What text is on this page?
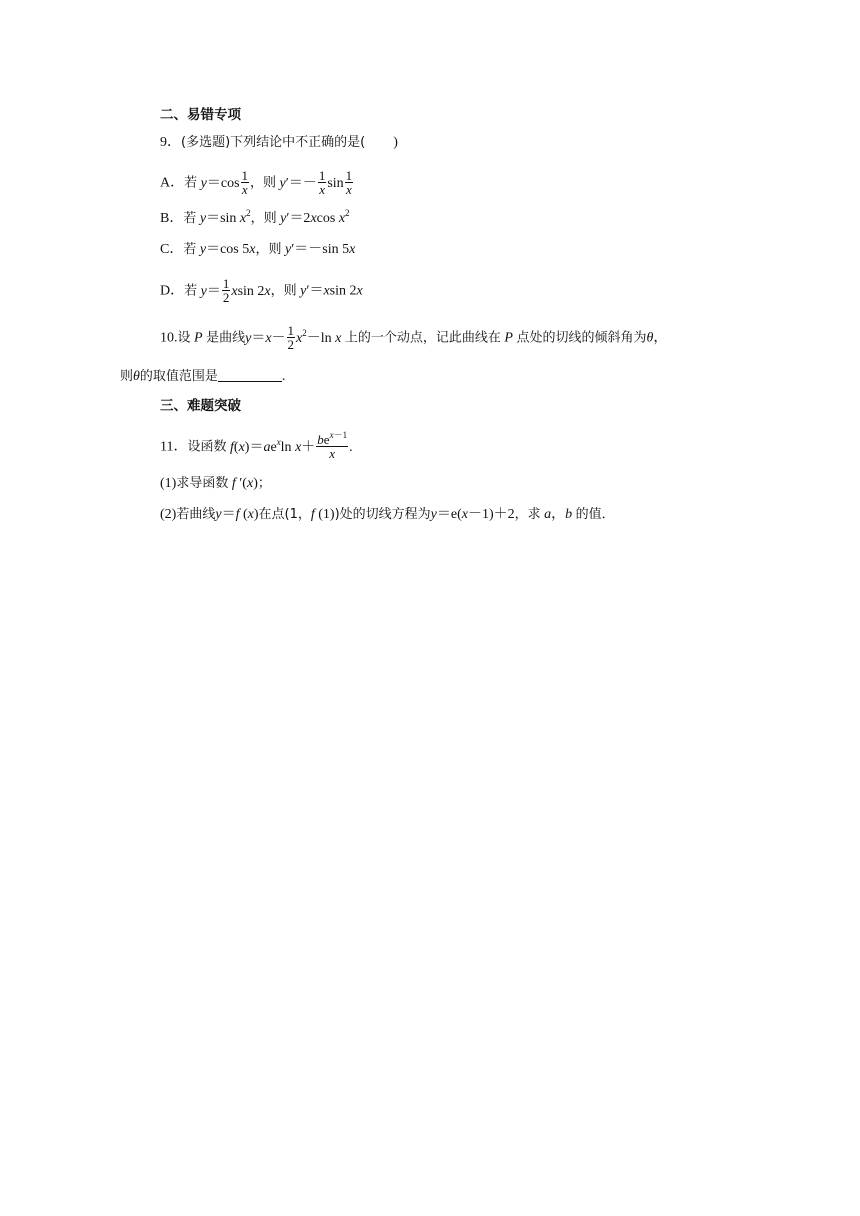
二、易错专项
9．(多选题)下列结论中不正确的是( )
A．若 $y=\cos \frac{1}{x}$ ，则 $y'=- \frac{1}{x}$ $\sin \frac{1}{x}$
B．若 y＝sin $x^2$，则 y′＝2xcos $x^2$
C．若 y＝cos 5x，则 y′＝－sin 5x
D．若 $y= \frac{1}{2}$ xsin 2x，则 y′＝xsin 2x
10.设 P 是曲线$y=x- \frac{1}{2} x^2-\ln$ x 上的一个动点，记此曲线在 P 点处的切线的倾斜角为θ，
则θ的取值范围是	.
三、难题突破
11．设函数 $f(x)=ae^x\ln$ $x+ \frac{be^{x-1}}{x}$ .
(1)求导函数 f ′(x)；
(2)若曲线y＝f (x)在点(1，f (1))处的切线方程为y＝e(x－1)＋2，求 a，b 的值．
